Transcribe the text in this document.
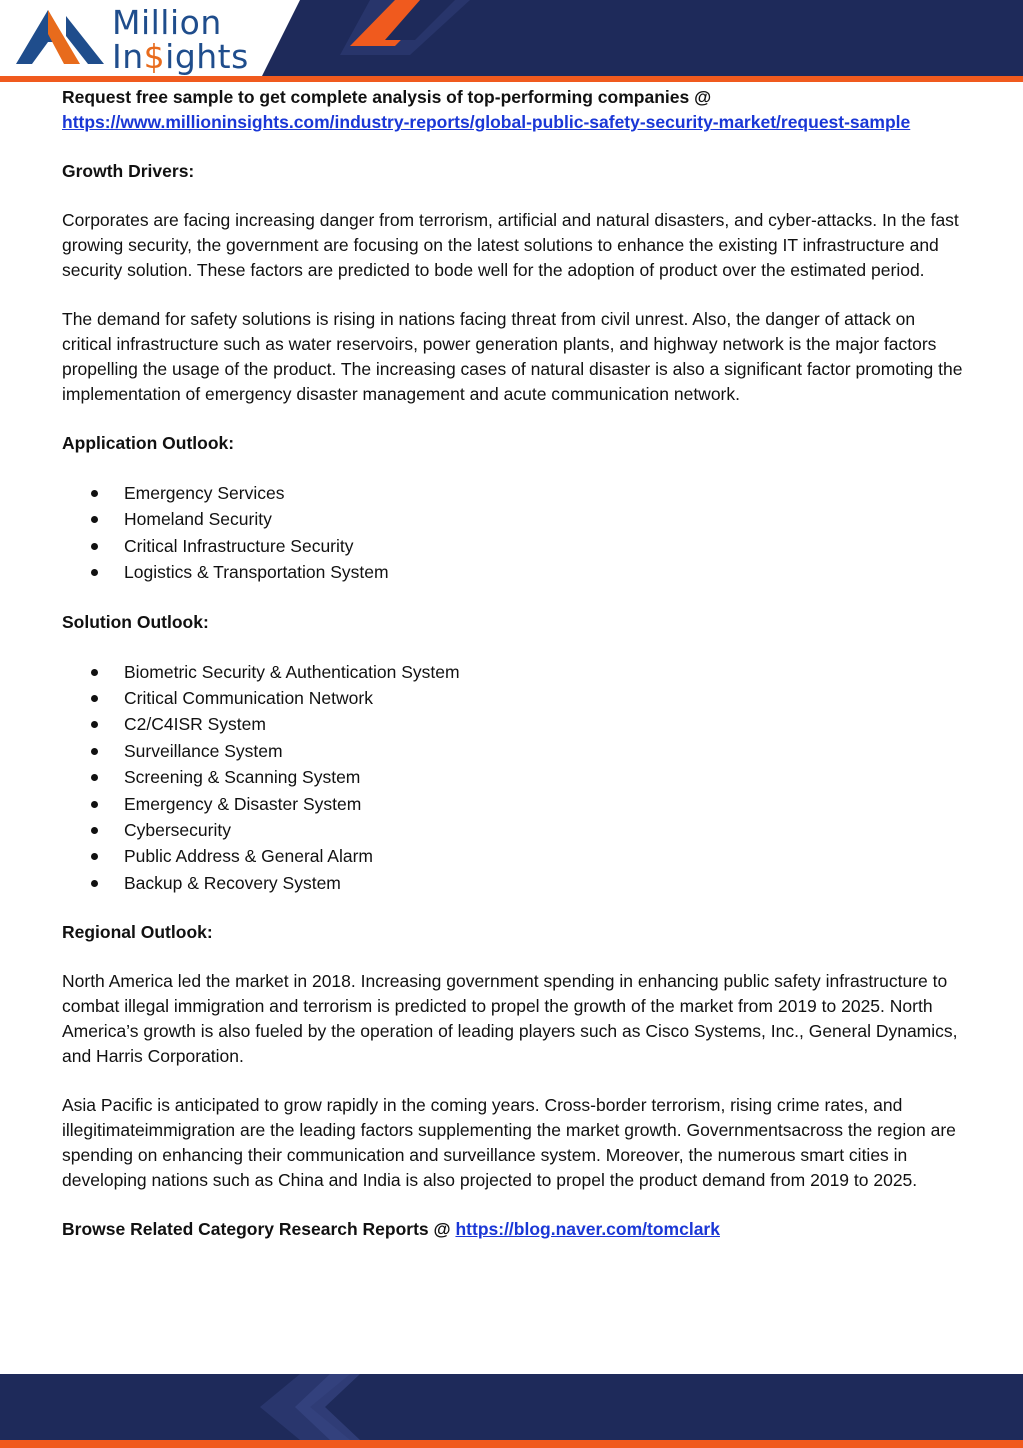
Million
In$ights

Request free sample to get complete analysis of top-performing companies @

https://www.millioninsights.com/industry-reports/global-public-safety-security-market/request-sample

Growth Drivers:

Corporates are facing increasing danger from terrorism, artificial and natural disasters, and cyber-attacks. In the fast growing security, the government are focusing on the latest solutions to enhance the existing IT infrastructure and security solution. These factors are predicted to bode well for the adoption of product over the estimated period.

The demand for safety solutions is rising in nations facing threat from civil unrest. Also, the danger of attack on critical infrastructure such as water reservoirs, power generation plants, and highway network is the major factors propelling the usage of the product. The increasing cases of natural disaster is also a significant factor promoting the implementation of emergency disaster management and acute communication network.

Application Outlook:

Emergency Services
Homeland Security
Critical Infrastructure Security
Logistics & Transportation System

Solution Outlook:

Biometric Security & Authentication System
Critical Communication Network
C2/C4ISR System
Surveillance System
Screening & Scanning System
Emergency & Disaster System
Cybersecurity
Public Address & General Alarm
Backup & Recovery System

Regional Outlook:

North America led the market in 2018. Increasing government spending in enhancing public safety infrastructure to combat illegal immigration and terrorism is predicted to propel the growth of the market from 2019 to 2025. North America’s growth is also fueled by the operation of leading players such as Cisco Systems, Inc., General Dynamics, and Harris Corporation.

Asia Pacific is anticipated to grow rapidly in the coming years. Cross-border terrorism, rising crime rates, and illegitimateimmigration are the leading factors supplementing the market growth. Governmentsacross the region are spending on enhancing their communication and surveillance system. Moreover, the numerous smart cities in developing nations such as China and India is also projected to propel the product demand from 2019 to 2025.

Browse Related Category Research Reports @ https://blog.naver.com/tomclark
